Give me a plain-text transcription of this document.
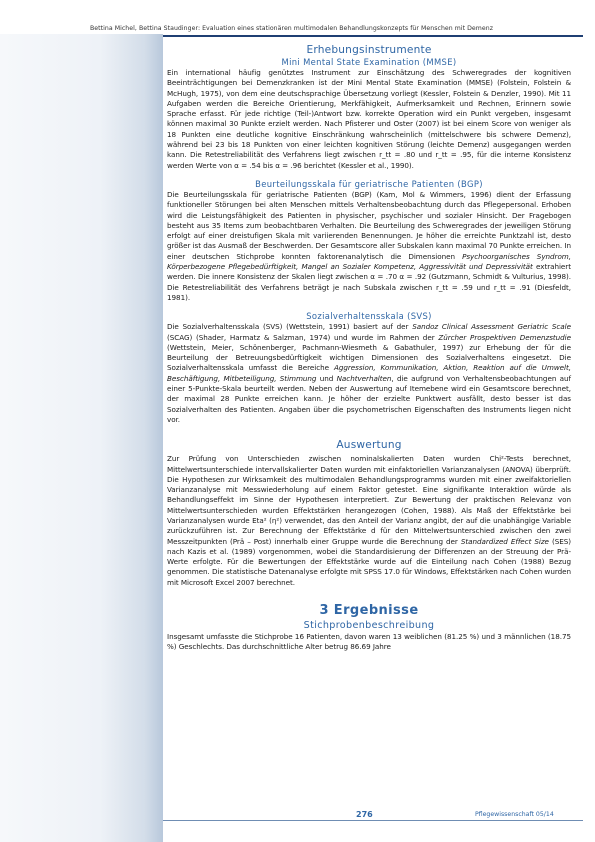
Bettina Michel, Bettina Staudinger: Evaluation eines stationären multimodalen Behandlungskonzepts für Menschen mit Demenz
Erhebungsinstrumente
Mini Mental State Examination (MMSE)

Ein international häufig genütztes Instrument zur Einschätzung des Schweregrades der kognitiven Beeinträchtigungen bei Demenzkranken ist der Mini Mental State Examination (MMSE) (Folstein, Folstein & McHugh, 1975), von dem eine deutschsprachige Übersetzung vorliegt (Kessler, Folstein & Denzler, 1990). Mit 11 Aufgaben werden die Bereiche Orientierung, Merkfähigkeit, Aufmerksamkeit und Rechnen, Erinnern sowie Sprache erfasst. Für jede richtige (Teil-)Antwort bzw. korrekte Operation wird ein Punkt vergeben, insgesamt können maximal 30 Punkte erzielt werden. Nach Pfisterer und Oster (2007) ist bei einem Score von weniger als 18 Punkten eine deutliche kognitive Einschränkung wahrscheinlich (mittelschwere bis schwere Demenz), während bei 23 bis 18 Punkten von einer leichten kognitiven Störung (leichte Demenz) ausgegangen werden kann. Die Retestreliabilität des Verfahrens liegt zwischen r_tt = .80 und r_tt = .95, für die interne Konsistenz werden Werte von α = .54 bis α = .96 berichtet (Kessler et al., 1990).

Beurteilungsskala für geriatrische Patienten (BGP)

Die Beurteilungsskala für geriatrische Patienten (BGP) (Kam, Mol & Wimmers, 1996) dient der Erfassung funktioneller Störungen bei alten Menschen mittels Verhaltensbeobachtung durch das Pflegepersonal. Erhoben wird die Leistungsfähigkeit des Patienten in physischer, psychischer und sozialer Hinsicht. Der Fragebogen besteht aus 35 Items zum beobachtbaren Verhalten. Die Beurteilung des Schweregrades der jeweiligen Störung erfolgt auf einer dreistufigen Skala mit variierenden Benennungen. Je höher die erreichte Punktzahl ist, desto größer ist das Ausmaß der Beschwerden. Der Gesamtscore aller Subskalen kann maximal 70 Punkte erreichen. In einer deutschen Stichprobe konnten faktorenanalytisch die Dimensionen Psychoorganisches Syndrom, Körperbezogene Pflegebedürftigkeit, Mangel an Sozialer Kompetenz, Aggressivität und Depressivität extrahiert werden. Die innere Konsistenz der Skalen liegt zwischen α = .70 α = .92 (Gutzmann, Schmidt & Vulturius, 1998). Die Retestreliabilität des Verfahrens beträgt je nach Subskala zwischen r_tt = .59 und r_tt = .91 (Diesfeldt, 1981).

Sozialverhaltensskala (SVS)

Die Sozialverhaltensskala (SVS) (Wettstein, 1991) basiert auf der Sandoz Clinical Assessment Geriatric Scale (SCAG) (Shader, Harmatz & Salzman, 1974) und wurde im Rahmen der Zürcher Prospektiven Demenzstudie (Wettstein, Meier, Schönenberger, Pachmann-Wiesmeth & Gabathuler, 1997) zur Erhebung der für die Beurteilung der Betreuungsbedürftigkeit wichtigen Dimensionen des Sozialverhaltens eingesetzt. Die Sozialverhaltensskala umfasst die Bereiche Aggression, Kommunikation, Aktion, Reaktion auf die Umwelt, Beschäftigung, Mitbeteiligung, Stimmung und Nachtverhalten, die aufgrund von Verhaltensbeobachtungen auf einer 5-Punkte-Skala beurteilt werden. Neben der Auswertung auf Itemebene wird ein Gesamtscore berechnet, der maximal 28 Punkte erreichen kann. Je höher der erzielte Punktwert ausfällt, desto besser ist das Sozialverhalten des Patienten. Angaben über die psychometrischen Eigenschaften des Instruments liegen nicht vor.

Auswertung

Zur Prüfung von Unterschieden zwischen nominalskalierten Daten wurden Chi²-Tests berechnet, Mittelwertsunterschiede intervallskalierter Daten wurden mit einfaktoriellen Varianzanalysen (ANOVA) überprüft. Die Hypothesen zur Wirksamkeit des multimodalen Behandlungsprogramms wurden mit einer zweifaktoriellen Varianzanalyse mit Messwiederholung auf einem Faktor getestet. Eine signifikante Interaktion würde als Behandlungseffekt im Sinne der Hypothesen interpretiert. Zur Bewertung der praktischen Relevanz von Mittelwertsunterschieden wurden Effektstärken herangezogen (Cohen, 1988). Als Maß der Effektstärke bei Varianzanalysen wurde Eta² (η²) verwendet, das den Anteil der Varianz angibt, der auf die unabhängige Variable zurückzuführen ist. Zur Berechnung der Effektstärke d für den Mittelwertsunterschied zwischen den zwei Messzeitpunkten (Prä – Post) innerhalb einer Gruppe wurde die Berechnung der Standardized Effect Size (SES) nach Kazis et al. (1989) vorgenommen, wobei die Standardisierung der Differenzen an der Streuung der Prä-Werte erfolgte. Für die Bewertungen der Effektstärke wurde auf die Einteilung nach Cohen (1988) Bezug genommen. Die statistische Datenanalyse erfolgte mit SPSS 17.0 für Windows, Effektstärken nach Cohen wurden mit Microsoft Excel 2007 berechnet.

3 Ergebnisse
Stichprobenbeschreibung

Insgesamt umfasste die Stichprobe 16 Patienten, davon waren 13 weiblichen (81.25 %) und 3 männlichen (18.75 %) Geschlechts. Das durchschnittliche Alter betrug 86.69 Jahre

276	Pflegewissenschaft 05/14
